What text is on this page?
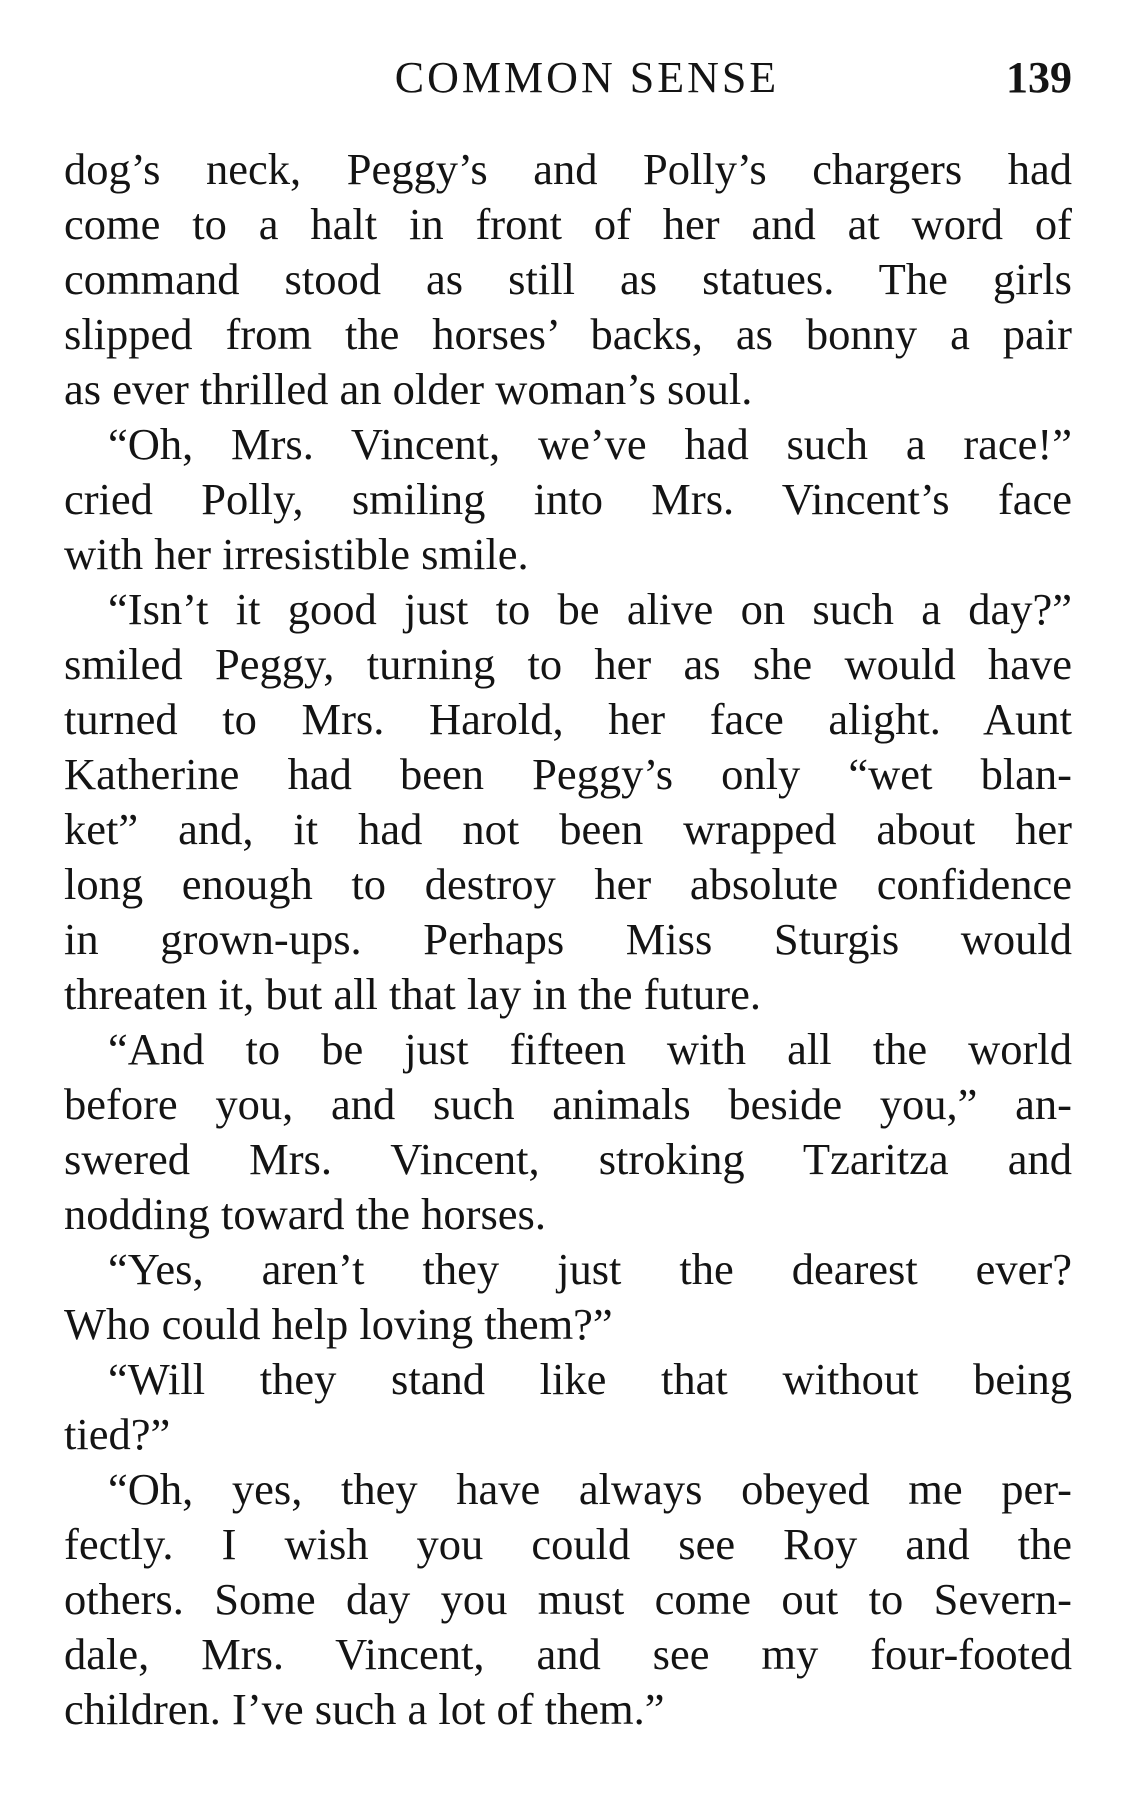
COMMON SENSE	139

dog’s neck, Peggy’s and Polly’s chargers had
come to a halt in front of her and at word of
command stood as still as statues. The girls
slipped from the horses’ backs, as bonny a pair
as ever thrilled an older woman’s soul.

“Oh, Mrs. Vincent, we’ve had such a race!”
cried Polly, smiling into Mrs. Vincent’s face
with her irresistible smile.

“Isn’t it good just to be alive on such a day?”
smiled Peggy, turning to her as she would have
turned to Mrs. Harold, her face alight. Aunt
Katherine had been Peggy’s only “wet blan-
ket” and, it had not been wrapped about her
long enough to destroy her absolute confidence
in grown-ups. Perhaps Miss Sturgis would
threaten it, but all that lay in the future.

“And to be just fifteen with all the world
before you, and such animals beside you,” an-
swered Mrs. Vincent, stroking Tzaritza and
nodding toward the horses.

“Yes, aren’t they just the dearest ever?
Who could help loving them?”

“Will they stand like that without being
tied?”

“Oh, yes, they have always obeyed me per-
fectly. I wish you could see Roy and the
others. Some day you must come out to Severn-
dale, Mrs. Vincent, and see my four-footed
children. I’ve such a lot of them.”
